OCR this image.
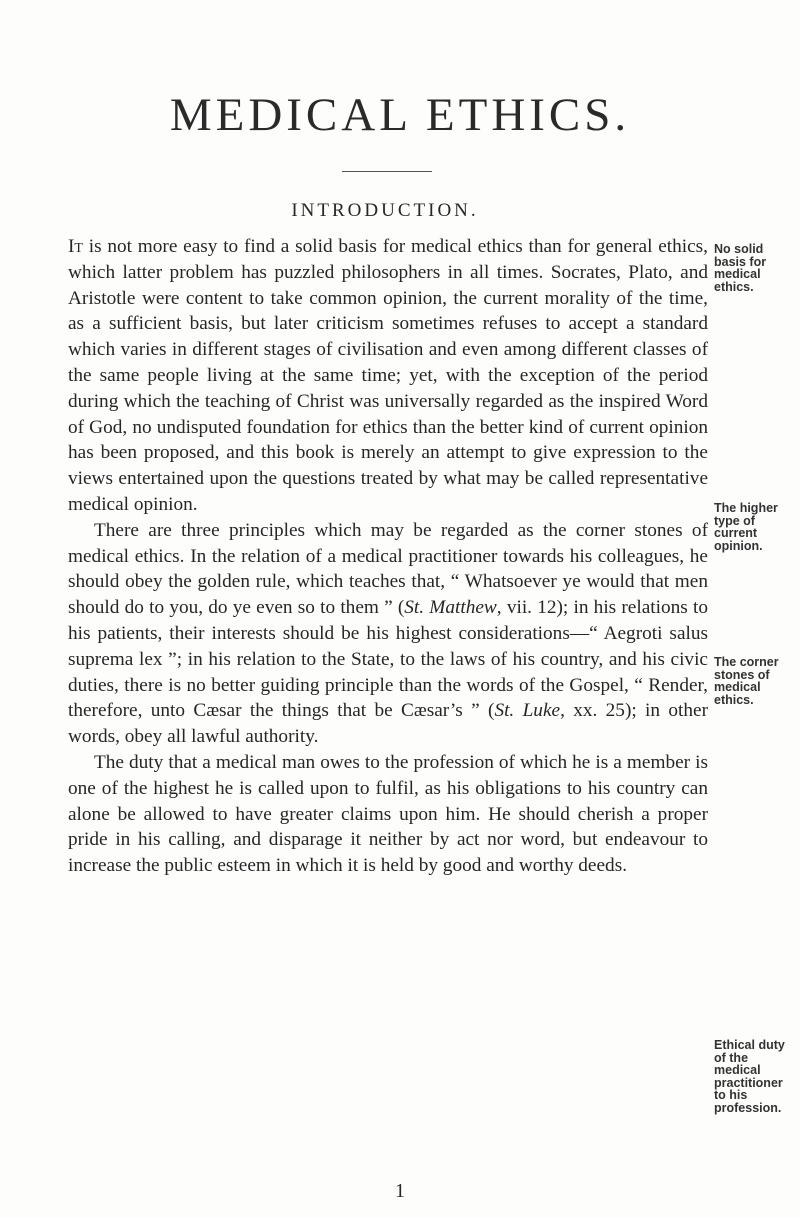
MEDICAL ETHICS.
INTRODUCTION.

It is not more easy to find a solid basis for medical ethics than for general ethics, which latter problem has puzzled philosophers in all times. Socrates, Plato, and Aristotle were content to take common opinion, the current morality of the time, as a sufficient basis, but later criticism sometimes refuses to accept a standard which varies in different stages of civilisation and even among different classes of the same people living at the same time; yet, with the exception of the period during which the teaching of Christ was universally regarded as the inspired Word of God, no undisputed foundation for ethics than the better kind of current opinion has been proposed, and this book is merely an attempt to give expression to the views entertained upon the questions treated by what may be called representative medical opinion.

There are three principles which may be regarded as the corner stones of medical ethics. In the relation of a medical practitioner towards his colleagues, he should obey the golden rule, which teaches that, “ Whatsoever ye would that men should do to you, do ye even so to them ” (St. Matthew, vii. 12); in his relations to his patients, their interests should be his highest considerations—“ Aegroti salus suprema lex ”; in his relation to the State, to the laws of his country, and his civic duties, there is no better guiding principle than the words of the Gospel, “ Render, therefore, unto Cæsar the things that be Cæsar’s ” (St. Luke, xx. 25); in other words, obey all lawful authority.

The duty that a medical man owes to the profession of which he is a member is one of the highest he is called upon to fulfil, as his obligations to his country can alone be allowed to have greater claims upon him. He should cherish a proper pride in his calling, and disparage it neither by act nor word, but endeavour to increase the public esteem in which it is held by good and worthy deeds.

No solid basis for medical ethics.
The higher type of current opinion.
The corner stones of medical ethics.
Ethical duty of the medical practitioner to his profession.
1
